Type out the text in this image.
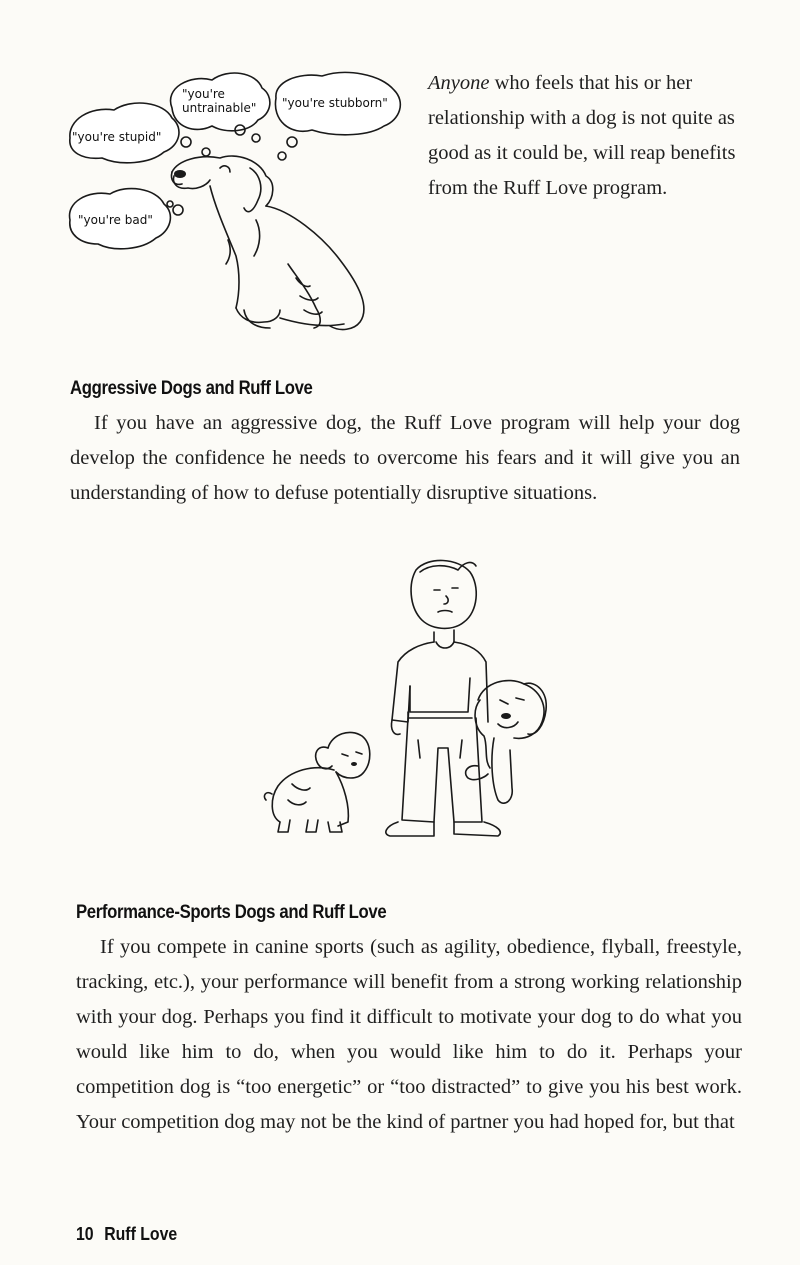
"you're
untrainable" "you're stubborn"
"you're stupid"
"you're bad"

Anyone who feels that his or her relationship with a dog is not quite as good as it could be, will reap benefits from the Ruff Love program.

Aggressive Dogs and Ruff Love

If you have an aggressive dog, the Ruff Love program will help your dog develop the confidence he needs to overcome his fears and it will give you an understanding of how to defuse potentially disruptive situations.

Performance-Sports Dogs and Ruff Love

If you compete in canine sports (such as agility, obedience, flyball, freestyle, tracking, etc.), your performance will benefit from a strong working relationship with your dog. Perhaps you find it difficult to motivate your dog to do what you would like him to do, when you would like him to do it. Perhaps your competition dog is “too energetic” or “too distracted” to give you his best work. Your competition dog may not be the kind of partner you had hoped for, but that

10 Ruff Love
